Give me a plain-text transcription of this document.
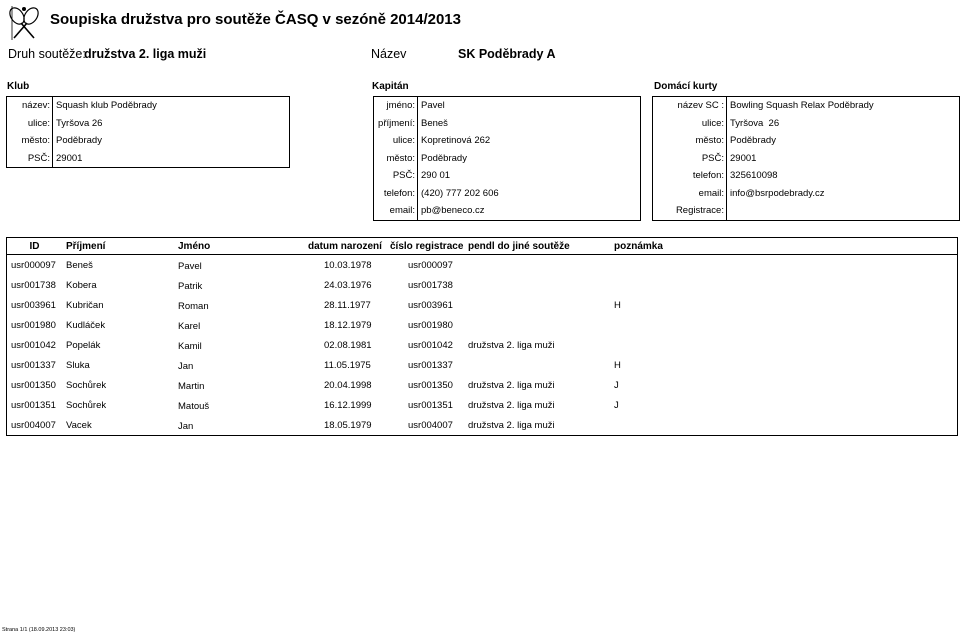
Soupiska družstva pro soutěže ČASQ v sezóně 2014/2013
Druh soutěže:
družstva 2. liga muži	Název	SK Poděbrady A
Klub	Kapitán	Domácí kurty
název:	Squash klub Poděbrady
ulice:	Tyršova 26
město:	Poděbrady
PSČ:	29001
jméno:	Pavel
příjmení:	Beneš
ulice:	Kopretinová 262
město:	Poděbrady
PSČ:	290 01
telefon:	(420) 777 202 606
email:	pb@beneco.cz
název SC :	Bowling Squash Relax Poděbrady
ulice:	Tyršova  26
město:	Poděbrady
PSČ:	29001
telefon:	325610098
email:	info@bsrpodebrady.cz
Registrace:	
ID	Příjmení	Jméno	datum narození	číslo registrace	pendl do jiné soutěže	poznámka
usr000097	Beneš	Pavel	10.03.1978	usr000097		
usr001738	Kobera	Patrik	24.03.1976	usr001738		
usr003961	Kubričan	Roman	28.11.1977	usr003961		H
usr001980	Kudláček	Karel	18.12.1979	usr001980		
usr001042	Popelák	Kamil	02.08.1981	usr001042	družstva 2. liga muži	
usr001337	Sluka	Jan	11.05.1975	usr001337		H
usr001350	Sochůrek	Martin	20.04.1998	usr001350	družstva 2. liga muži	J
usr001351	Sochůrek	Matouš	16.12.1999	usr001351	družstva 2. liga muži	J
usr004007	Vacek	Jan	18.05.1979	usr004007	družstva 2. liga muži	
Strana 1/1 (18.09.2013 23:03)
